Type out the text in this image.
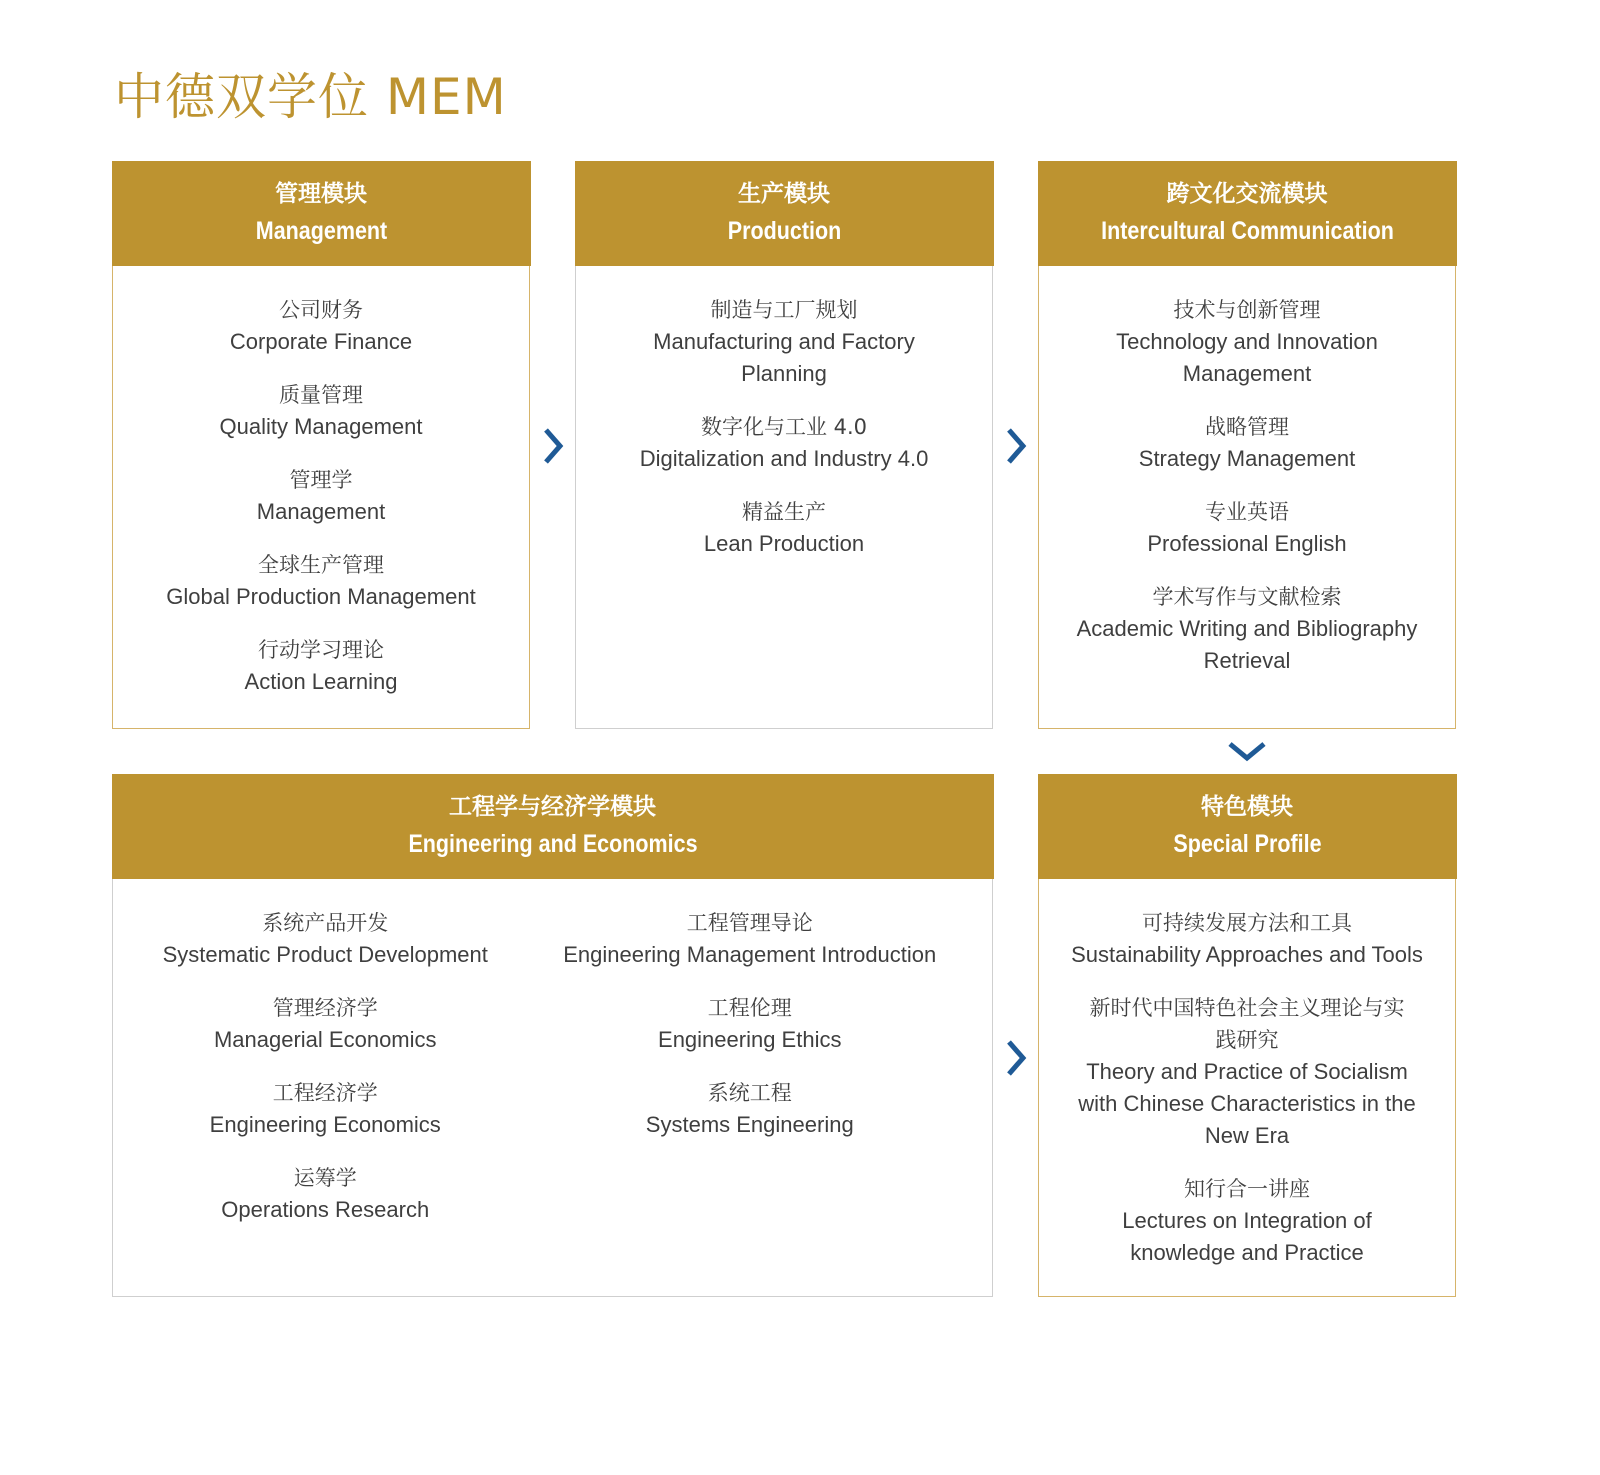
中德双学位 MEM
管理模块
Management
公司财务
Corporate Finance
质量管理
Quality Management
管理学
Management
全球生产管理
Global Production Management
行动学习理论
Action Learning
生产模块
Production
制造与工厂规划
Manufacturing and Factory Planning
数字化与工业 4.0
Digitalization and Industry 4.0
精益生产
Lean Production
跨文化交流模块
Intercultural Communication
技术与创新管理
Technology and Innovation Management
战略管理
Strategy Management
专业英语
Professional English
学术写作与文献检索
Academic Writing and Bibliography Retrieval
工程学与经济学模块
Engineering and Economics
系统产品开发
Systematic Product Development
管理经济学
Managerial Economics
工程经济学
Engineering Economics
运筹学
Operations Research
工程管理导论
Engineering Management Introduction
工程伦理
Engineering Ethics
系统工程
Systems Engineering
特色模块
Special Profile
可持续发展方法和工具
Sustainability Approaches and Tools
新时代中国特色社会主义理论与实践研究
Theory and Practice of Socialism with Chinese Characteristics in the New Era
知行合一讲座
Lectures on Integration of knowledge and Practice
